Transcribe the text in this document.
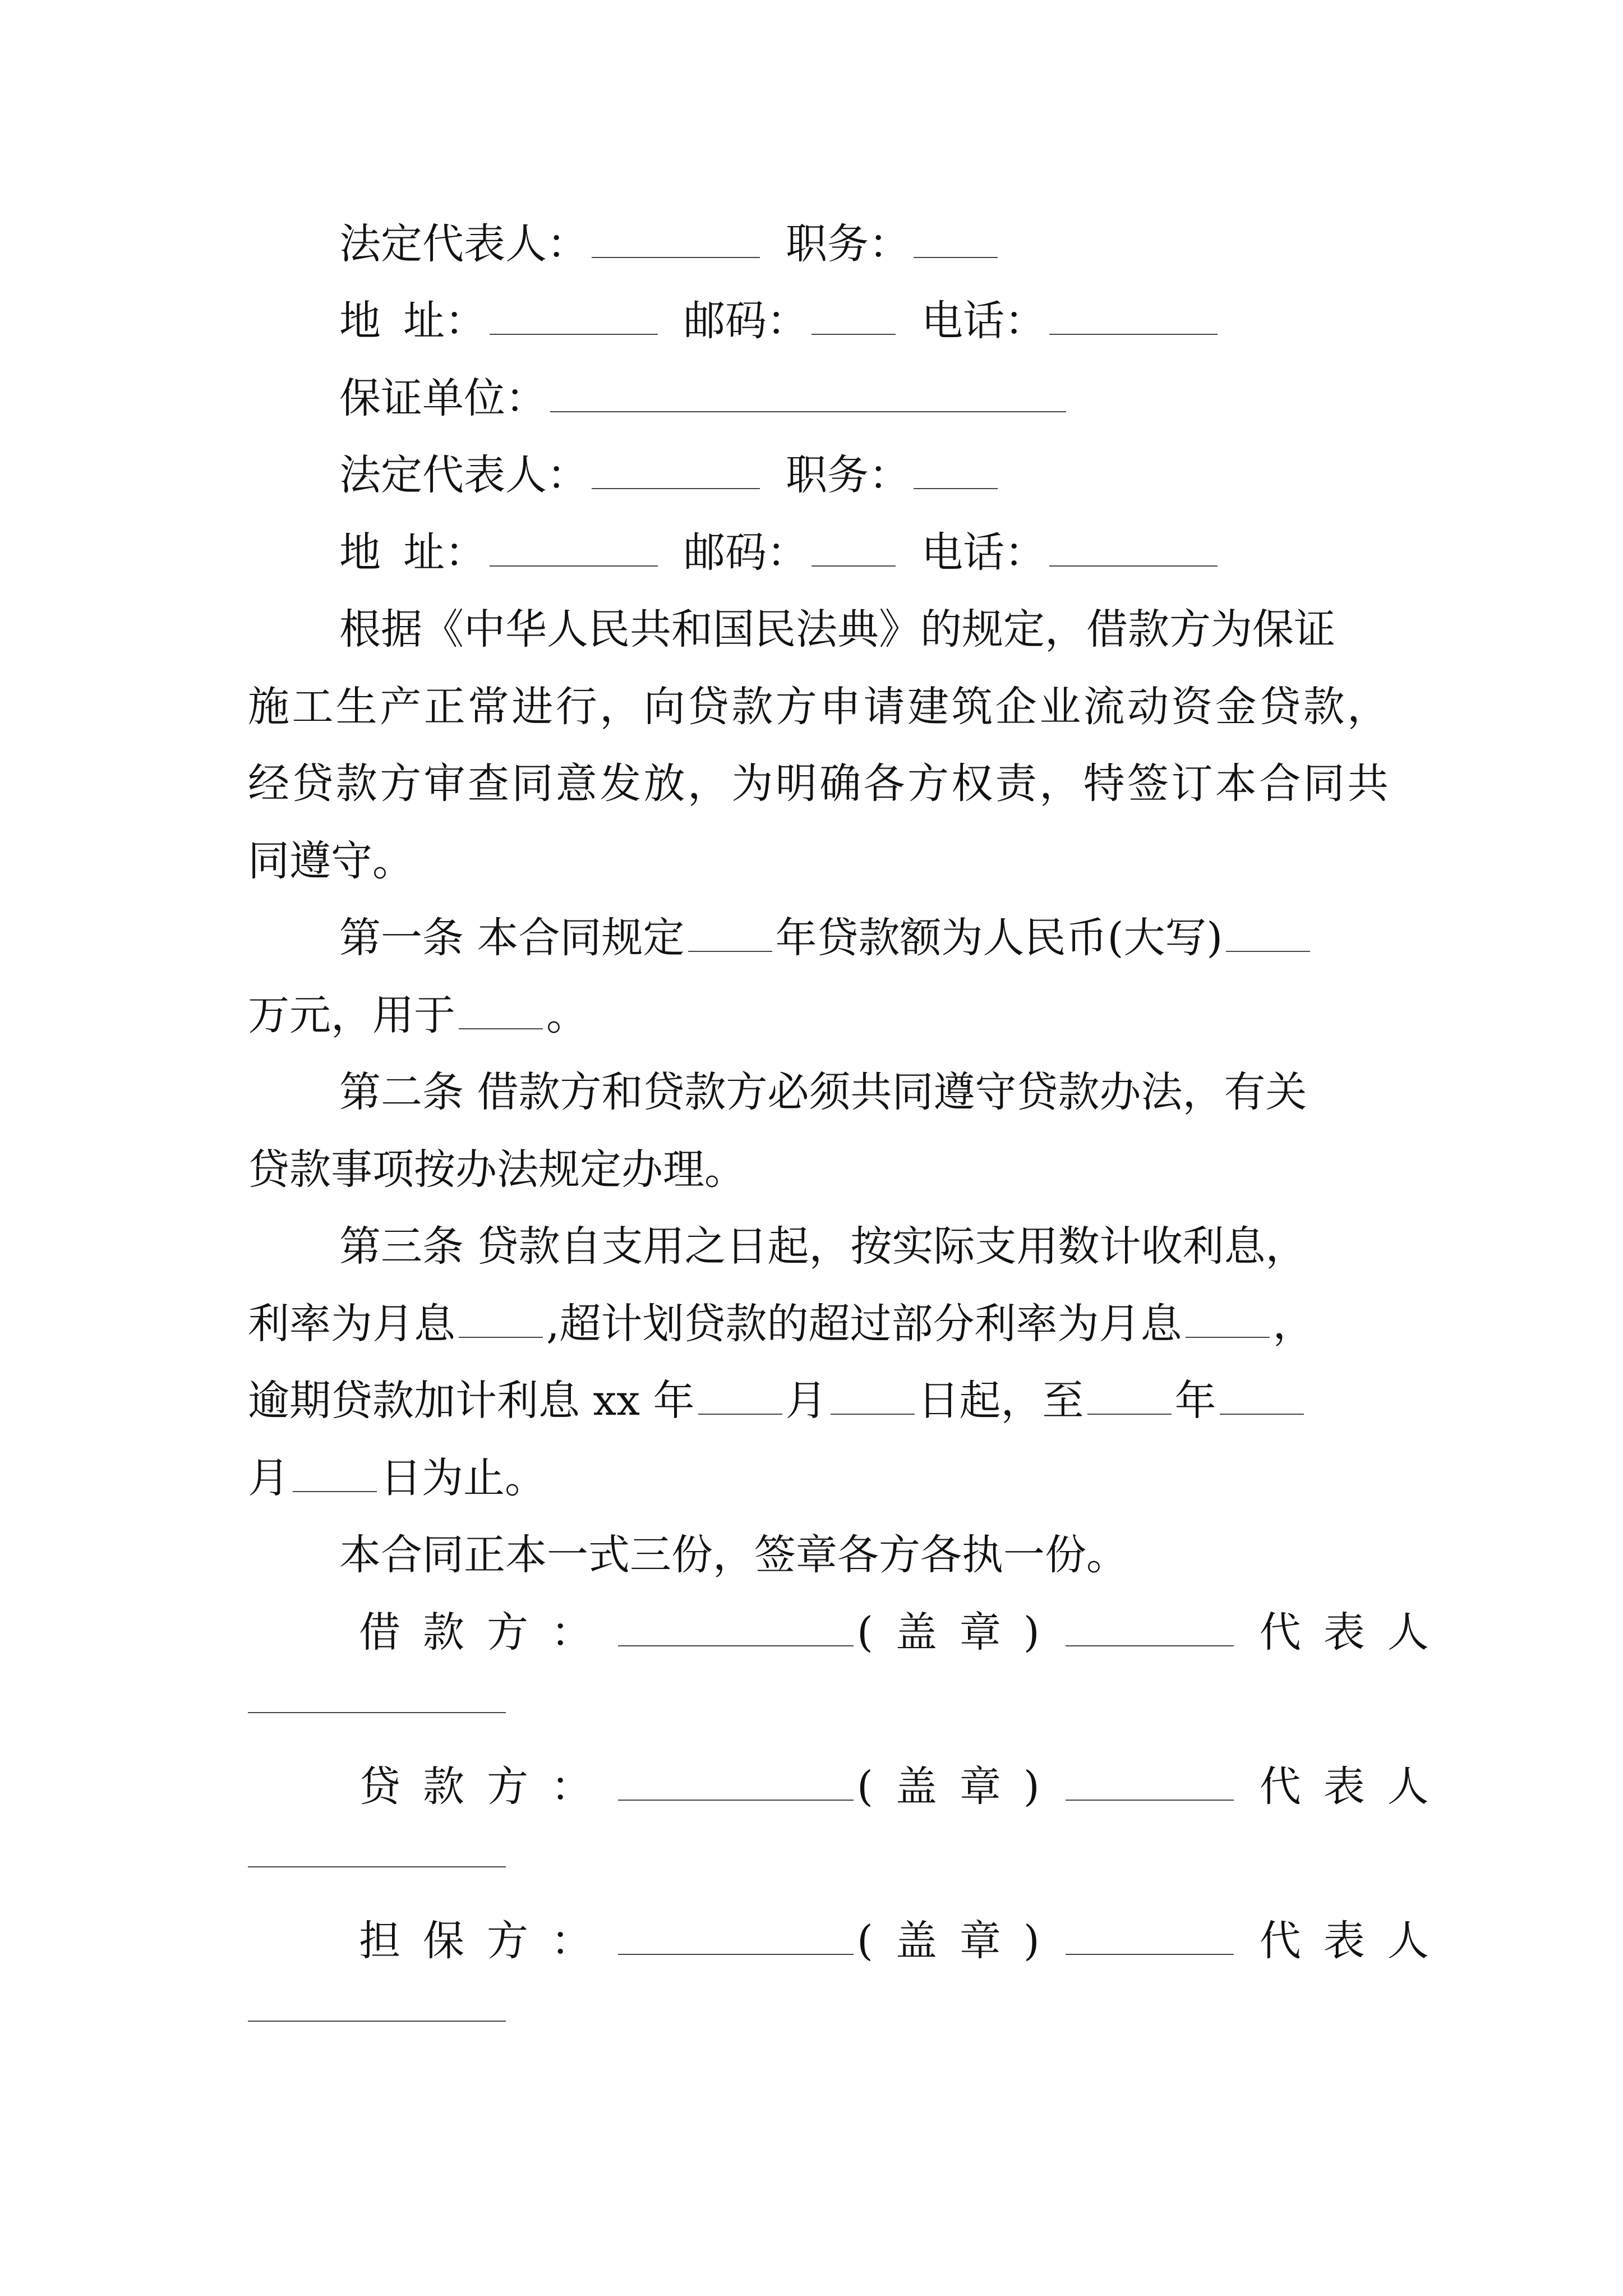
法定代表人：	职务：
地 址：	邮码：	电话：
保证单位：
法定代表人：	职务：
地 址：	邮码：	电话：
根据《中华人民共和国民法典》的规定，借款方为保证
施工生产正常进行，向贷款方申请建筑企业流动资金贷款，
经贷款方审查同意发放，为明确各方权责，特签订本合同共
同遵守。
第一条 本合同规定 年贷款额为人民币(大写)
万元，用于 。
第二条 借款方和贷款方必须共同遵守贷款办法，有关
贷款事项按办法规定办理。
第三条 贷款自支用之日起，按实际支用数计收利息，
利率为月息 ,超计划贷款的超过部分利率为月息 ，
逾期贷款加计利息 xx 年 月 日起，至 年
月 日为止。
本合同正本一式三份，签章各方各执一份。
借款方：	(盖章)	代表人
贷款方：	(盖章)	代表人
担保方：	(盖章)	代表人
